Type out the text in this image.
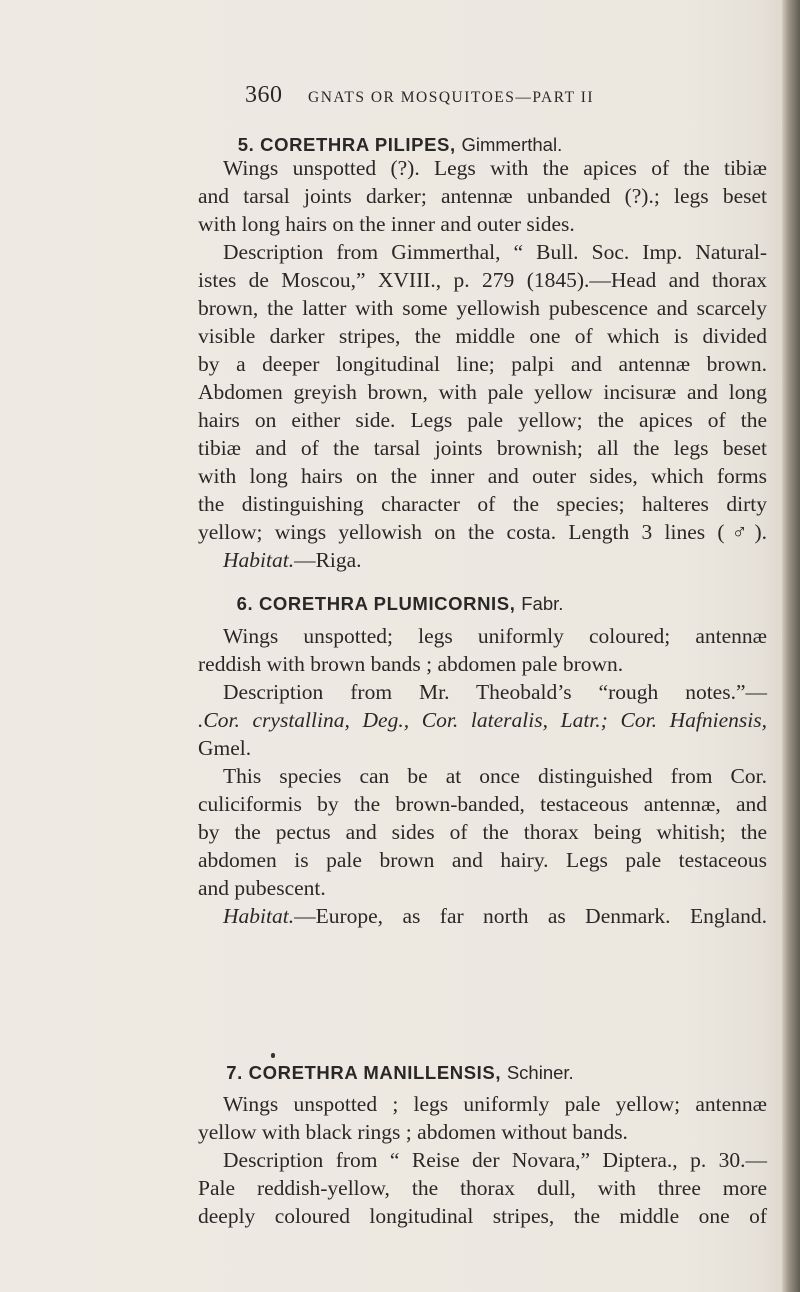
360 GNATS OR MOSQUITOES—PART II
5. CORETHRA PILIPES, Gimmerthal.
Wings unspotted (?). Legs with the apices of the tibiæ
and tarsal joints darker; antennæ unbanded (?).; legs beset
with long hairs on the inner and outer sides.
Description from Gimmerthal, “ Bull. Soc. Imp. Natural-
istes de Moscou,” XVIII., p. 279 (1845).—Head and thorax
brown, the latter with some yellowish pubescence and scarcely
visible darker stripes, the middle one of which is divided
by a deeper longitudinal line; palpi and antennæ brown.
Abdomen greyish brown, with pale yellow incisuræ and long
hairs on either side. Legs pale yellow; the apices of the
tibiæ and of the tarsal joints brownish; all the legs beset
with long hairs on the inner and outer sides, which forms
the distinguishing character of the species; halteres dirty
yellow; wings yellowish on the costa. Length 3 lines (♂).
Habitat.—Riga.
6. CORETHRA PLUMICORNIS, Fabr.
Wings unspotted; legs uniformly coloured; antennæ
reddish with brown bands ; abdomen pale brown.
Description from Mr. Theobald’s “rough notes.”—
.Cor. crystallina, Deg., Cor. lateralis, Latr.; Cor. Hafniensis,
Gmel.
This species can be at once distinguished from Cor.
culiciformis by the brown-banded, testaceous antennæ, and
by the pectus and sides of the thorax being whitish; the
abdomen is pale brown and hairy. Legs pale testaceous
and pubescent.
Habitat.—Europe, as far north as Denmark. England.
7. CORETHRA MANILLENSIS, Schiner.
Wings unspotted ; legs uniformly pale yellow; antennæ
yellow with black rings ; abdomen without bands.
Description from “ Reise der Novara,” Diptera., p. 30.—
Pale reddish-yellow, the thorax dull, with three more
deeply coloured longitudinal stripes, the middle one of
